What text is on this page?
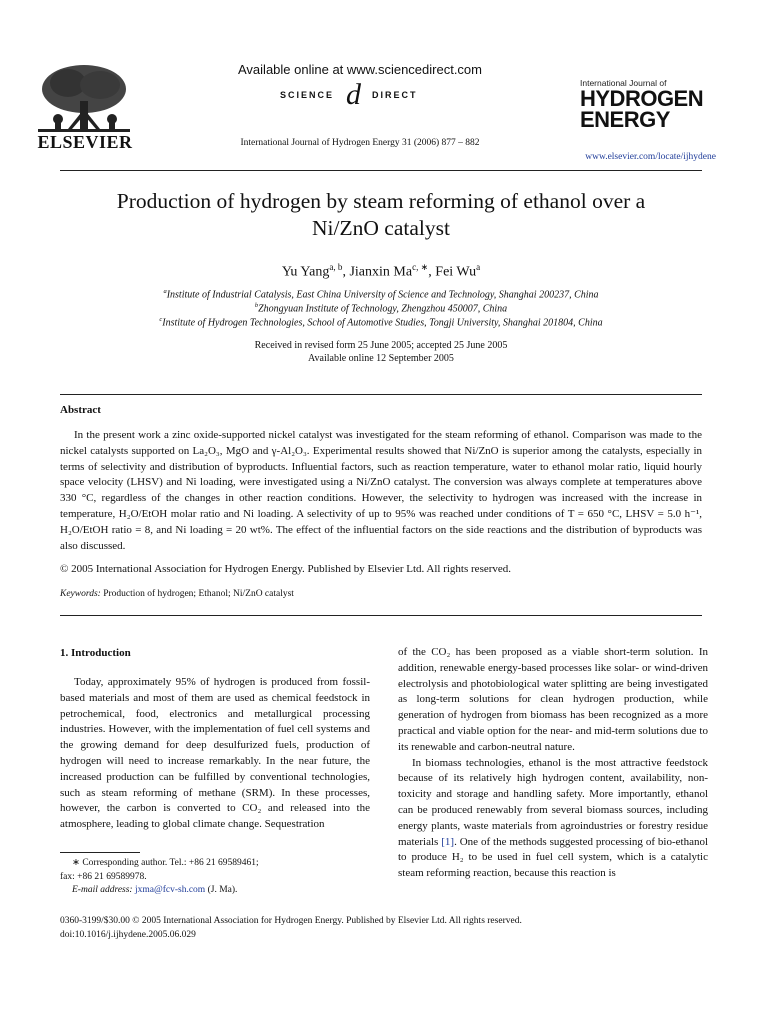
ELSEVIER
Available online at www.sciencedirect.com
SCIENCE d DIRECT
International Journal of Hydrogen Energy 31 (2006) 877 – 882
International Journal of
HYDROGEN
ENERGY
www.elsevier.com/locate/ijhydene
Production of hydrogen by steam reforming of ethanol over a
Ni/ZnO catalyst
Yu Yang$^{a, b}$, Jianxin $Ma^{c, ∗}$, Fei Wu$^a$
$^a$Institute of Industrial Catalysis, East China University of Science and Technology, Shanghai 200237, China
$^b$Zhongyuan Institute of Technology, Zhengzhou 450007, China
$^c$Institute of Hydrogen Technologies, School of Automotive Studies, Tongji University, Shanghai 201804, China
Received in revised form 25 June 2005; accepted 25 June 2005
Available online 12 September 2005
Abstract

In the present work a zinc oxide-supported nickel catalyst was investigated for the steam reforming of ethanol. Comparison was made to the nickel catalysts supported on La₂O₃, MgO and γ-Al₂O₃. Experimental results showed that Ni/ZnO is superior among the catalysts, especially in terms of selectivity and distribution of byproducts. Influential factors, such as reaction temperature, water to ethanol molar ratio, liquid hourly space velocity (LHSV) and Ni loading, were investigated using a Ni/ZnO catalyst. The conversion was always complete at temperatures above 330 °C, regardless of the changes in other reaction conditions. However, the selectivity to hydrogen was increased with the increase in temperature, H₂O/EtOH molar ratio and Ni loading. A selectivity of up to 95% was reached under conditions of T = 650 °C, LHSV = 5.0 h⁻¹, H₂O/EtOH ratio = 8, and Ni loading = 20 wt%. The effect of the influential factors on the side reactions and the distribution of byproducts was also discussed.

© 2005 International Association for Hydrogen Energy. Published by Elsevier Ltd. All rights reserved.
Keywords: Production of hydrogen; Ethanol; Ni/ZnO catalyst
1. Introduction

Today, approximately 95% of hydrogen is produced from fossil-based materials and most of them are used as chemical feedstock in petrochemical, food, electronics and metallurgical processing industries. However, with the implementation of fuel cell systems and the growing demand for deep desulfurized fuels, production of hydrogen will need to increase remarkably. In the near future, the increased production can be fulfilled by conventional technologies, such as steam reforming of methane (SRM). In these processes, however, the carbon is converted to CO₂ and released into the atmosphere, leading to global climate change. Sequestration

of the CO₂ has been proposed as a viable short-term solution. In addition, renewable energy-based processes like solar- or wind-driven electrolysis and photobiological water splitting are being investigated as long-term solutions for clean hydrogen production, while generation of hydrogen from biomass has been recognized as a more practical and viable option for the near- and mid-term solutions due to its renewable and carbon-neutral nature.

In biomass technologies, ethanol is the most attractive feedstock because of its relatively high hydrogen content, availability, non-toxicity and storage and handling safety. More importantly, ethanol can be produced renewably from several biomass sources, including energy plants, waste materials from agroindustries or forestry residue materials [1]. One of the methods suggested processing of bio-ethanol to produce H₂ to be used in fuel cell system, which is a catalytic steam reforming reaction, because this reaction is

∗ Corresponding author. Tel.: +86 21 69589461;
fax: +86 21 69589978.
E-mail address: jxma@fcv-sh.com (J. Ma).
0360-3199/$30.00 © 2005 International Association for Hydrogen Energy. Published by Elsevier Ltd. All rights reserved.
doi:10.1016/j.ijhydene.2005.06.029
